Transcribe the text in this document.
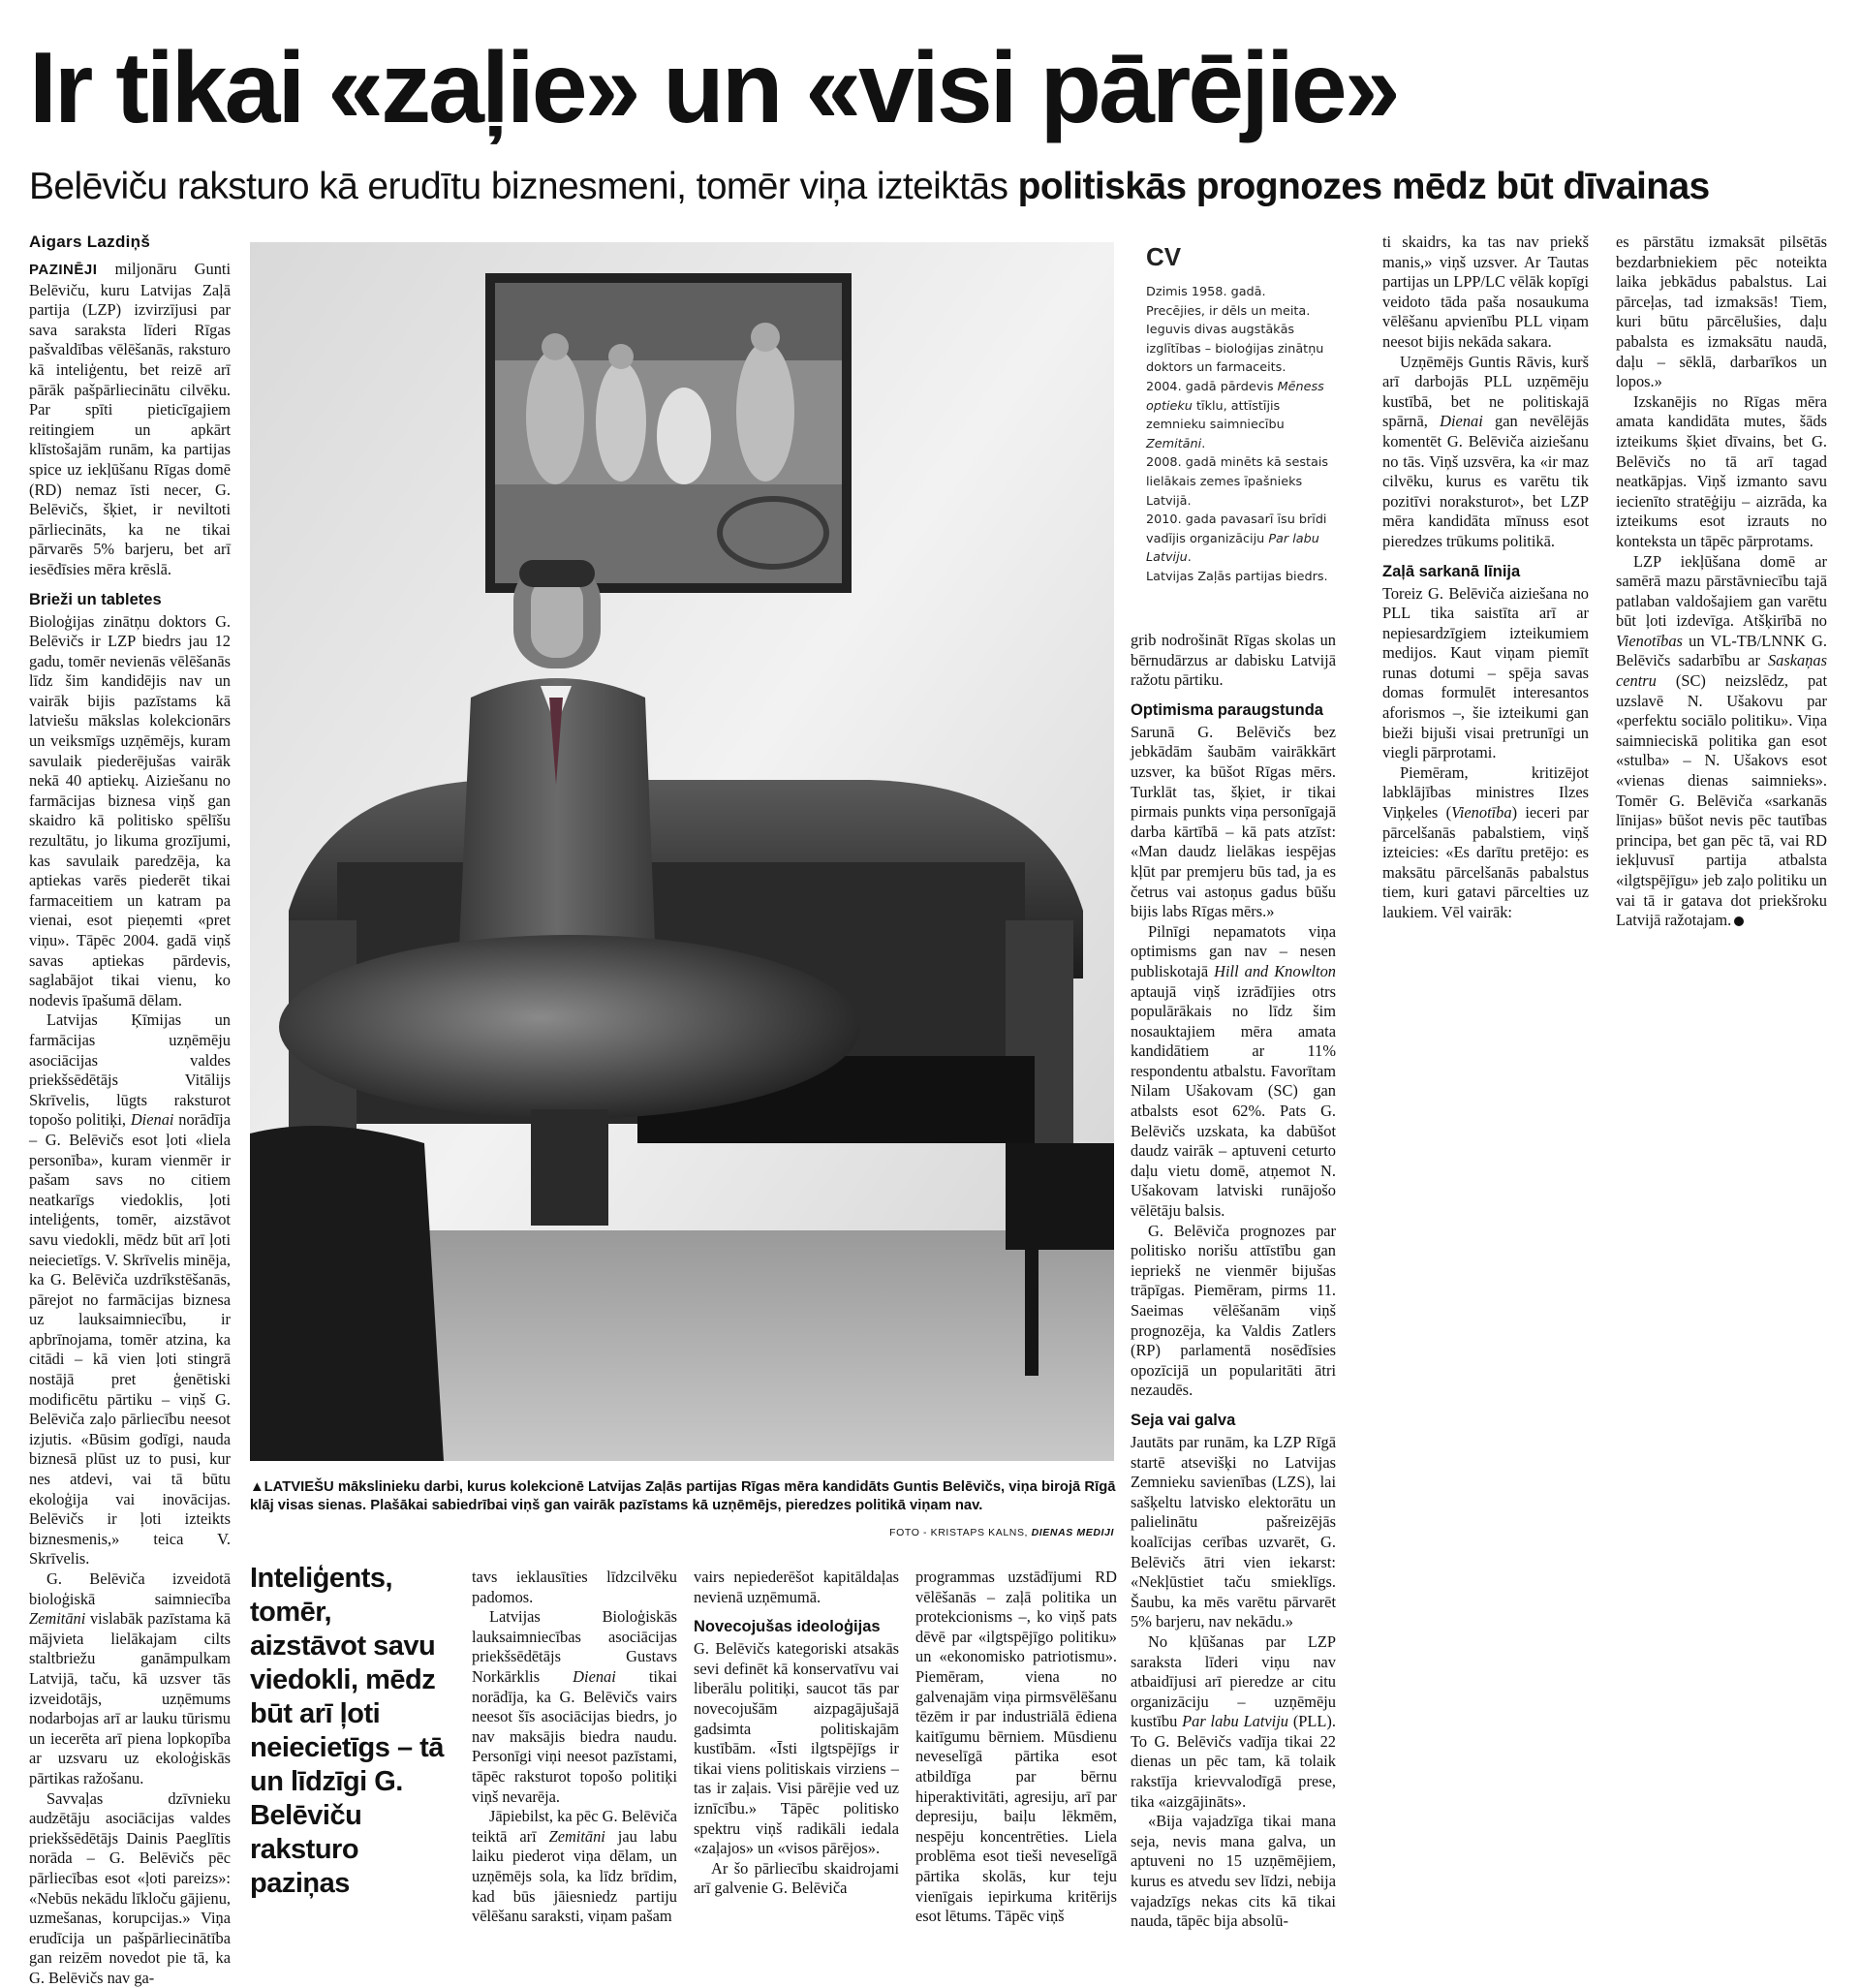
Ir tikai «zaļie» un «visi pārējie»
Belēviču raksturo kā erudītu biznesmeni, tomēr viņa izteiktās politiskās prognozes mēdz būt dīvainas
Aigars Lazdiņš

PAZINĒJI miljonāru Gunti Belēviču, kuru Latvijas Zaļā partija (LZP) izvirzījusi par sava saraksta līderi Rīgas pašvaldības vēlēšanās, raksturo kā inteliģentu, bet reizē arī pārāk pašpārliecinātu cilvēku. Par spīti pieticīgajiem reitingiem un apkārt klīstošajām runām, ka partijas spice uz iekļūšanu Rīgas domē (RD) nemaz īsti necer, G. Belēvičs, šķiet, ir neviltoti pārliecināts, ka ne tikai pārvarēs 5% barjeru, bet arī iesēdīsies mēra krēslā.

Brieži un tabletes

Bioloģijas zinātņu doktors G. Belēvičs ir LZP biedrs jau 12 gadu, tomēr nevienās vēlēšanās līdz šim kandidējis nav un vairāk bijis pazīstams kā latviešu mākslas kolekcionārs un veiksmīgs uzņēmējs, kuram savulaik piederējušas vairāk nekā 40 aptiekų. Aiziešanu no farmācijas biznesa viņš gan skaidro kā politisko spēlīšu rezultātu, jo likuma grozījumi, kas savulaik paredzēja, ka aptiekas varēs piederēt tikai farmaceitiem un katram pa vienai, esot pieņemti «pret viņu». Tāpēc 2004. gadā viņš savas aptiekas pārdevis, saglabājot tikai vienu, ko nodevis īpašumā dēlam.

Latvijas Ķīmijas un farmācijas uzņēmēju asociācijas valdes priekšsēdētājs Vitālijs Skrīvelis, lūgts raksturot topošo politiķi, Dienai norādīja – G. Belēvičs esot ļoti «liela personība», kuram vienmēr ir pašam savs no citiem neatkarīgs viedoklis, ļoti inteliģents, tomēr, aizstāvot savu viedokli, mēdz būt arī ļoti neiecietīgs. V. Skrīvelis minēja, ka G. Belēviča uzdrīkstēšanās, pārejot no farmācijas biznesa uz lauksaimniecību, ir apbrīnojama, tomēr atzina, ka citādi – kā vien ļoti stingrā nostājā pret ģenētiski modificētu pārtiku – viņš G. Belēviča zaļo pārliecību neesot izjutis. «Būsim godīgi, nauda biznesā plūst uz to pusi, kur nes atdevi, vai tā būtu ekoloģija vai inovācijas. Belēvičs ir ļoti izteikts biznesmenis,» teica V. Skrīvelis.

G. Belēviča izveidotā bioloģiskā saimniecība Zemitāni vislabāk pazīstama kā mājvieta lielākajam cilts staltbriežu ganāmpulkam Latvijā, taču, kā uzsver tās izveidotājs, uzņēmums nodarbojas arī ar lauku tūrismu un iecerēta arī piena lopkopība ar uzsvaru uz ekoloģiskās pārtikas ražošanu.

Savvaļas dzīvnieku audzētāju asociācijas valdes priekšsēdētājs Dainis Paeglītis norāda – G. Belēvičs pēc pārliecības esot «ļoti pareizs»: «Nebūs nekādu līkloču gājienu, uzmešanas, korupcijas.» Viņa erudīcija un pašpārliecinātība gan reizēm novedot pie tā, ka G. Belēvičs nav ga-

▲LATVIEŠU mākslinieku darbi, kurus kolekcionē Latvijas Zaļās partijas Rīgas mēra kandidāts Guntis Belēvičs, viņa birojā Rīgā klāj visas sienas. Plašākai sabiedrībai viņš gan vairāk pazīstams kā uzņēmējs, pieredzes politikā viņam nav.
FOTO - KRISTAPS KALNS, DIENAS MEDIJI
Inteliģents, tomēr, aizstāvot savu viedokli, mēdz būt arī ļoti neiecietīgs – tā un līdzīgi G. Belēviču raksturo paziņas

tavs ieklausīties līdzcilvēku padomos.

Latvijas Bioloģiskās lauksaimniecības asociācijas priekšsēdētājs Gustavs Norkārklis Dienai tikai norādīja, ka G. Belēvičs vairs neesot šīs asociācijas biedrs, jo nav maksājis biedra naudu. Personīgi viņi neesot pazīstami, tāpēc raksturot topošo politiķi viņš nevarēja.

Jāpiebilst, ka pēc G. Belēviča teiktā arī Zemitāni jau labu laiku piederot viņa dēlam, un uzņēmējs sola, ka līdz brīdim, kad būs jāiesniedz partiju vēlēšanu saraksti, viņam pašam

vairs nepiederēšot kapitāldaļas nevienā uzņēmumā.

Novecojušas ideoloģijas

G. Belēvičs kategoriski atsakās sevi definēt kā konservatīvu vai liberālu politiķi, saucot tās par novecojušām aizpagājušajā gadsimta politiskajām kustībām. «Īsti ilgtspējīgs ir tikai viens politiskais virziens – tas ir zaļais. Visi pārējie ved uz iznīcību.» Tāpēc politisko spektru viņš radikāli iedala «zaļajos» un «visos pārējos».

Ar šo pārliecību skaidrojami arī galvenie G. Belēviča

programmas uzstādījumi RD vēlēšanās – zaļā politika un protekcionisms –, ko viņš pats dēvē par «ilgtspējīgo politiku» un «ekonomisko patriotismu». Piemēram, viena no galvenajām viņa pirmsvēlēšanu tēzēm ir par industriālā ēdiena kaitīgumu bērniem. Mūsdienu neveselīgā pārtika esot atbildīga par bērnu hiperaktivitāti, agresiju, arī par depresiju, baiļu lēkmēm, nespēju koncentrēties. Liela problēma esot tieši neveselīgā pārtika skolās, kur teju vienīgais iepirkuma kritērijs esot lētums. Tāpēc viņš

CV

Dzimis 1958. gadā.

Precējies, ir dēls un meita.

Ieguvis divas augstākās izglītības – bioloģijas zinātņu doktors un farmaceits.

2004. gadā pārdevis Mēness optieku tīklu, attīstījis zemnieku saimniecību Zemitāni.

2008. gadā minēts kā sestais lielākais zemes īpašnieks Latvijā.

2010. gada pavasarī īsu brīdi vadījis organizāciju Par labu Latviju.

Latvijas Zaļās partijas biedrs.

grib nodrošināt Rīgas skolas un bērnudārzus ar dabisku Latvijā ražotu pārtiku.

Optimisma paraugstunda

Sarunā G. Belēvičs bez jebkādām šaubām vairākkārt uzsver, ka būšot Rīgas mērs. Turklāt tas, šķiet, ir tikai pirmais punkts viņa personīgajā darba kārtībā – kā pats atzīst: «Man daudz lielākas iespējas kļūt par premjeru būs tad, ja es četrus vai astoņus gadus būšu bijis labs Rīgas mērs.»

Pilnīgi nepamatots viņa optimisms gan nav – nesen publiskotajā Hill and Knowlton aptaujā viņš izrādījies otrs populārākais no līdz šim nosauktajiem mēra amata kandidātiem ar 11% respondentu atbalstu. Favorītam Nilam Ušakovam (SC) gan atbalsts esot 62%. Pats G. Belēvičs uzskata, ka dabūšot daudz vairāk – aptuveni ceturto daļu vietu domē, atņemot N. Ušakovam latviski runājošo vēlētāju balsis.

G. Belēviča prognozes par politisko norišu attīstību gan iepriekš ne vienmēr bijušas trāpīgas. Piemēram, pirms 11. Saeimas vēlēšanām viņš prognozēja, ka Valdis Zatlers (RP) parlamentā nosēdīsies opozīcijā un popularitāti ātri nezaudēs.

Seja vai galva

Jautāts par runām, ka LZP Rīgā startē atsevišķi no Latvijas Zemnieku savienības (LZS), lai sašķeltu latvisko elektorātu un palielinātu pašreizējās koalīcijas cerības uzvarēt, G. Belēvičs ātri vien iekarst: «Nekļūstiet taču smieklīgs. Šaubu, ka mēs varētu pārvarēt 5% barjeru, nav nekādu.»

No kļūšanas par LZP saraksta līderi viņu nav atbaidījusi arī pieredze ar citu organizāciju – uzņēmēju kustību Par labu Latviju (PLL). To G. Belēvičs vadīja tikai 22 dienas un pēc tam, kā tolaik rakstīja krievvalodīgā prese, tika «aizgājināts».

«Bija vajadzīga tikai mana seja, nevis mana galva, un aptuveni no 15 uzņēmējiem, kurus es atvedu sev līdzi, nebija vajadzīgs nekas cits kā tikai nauda, tāpēc bija absolū-

ti skaidrs, ka tas nav priekš manis,» viņš uzsver. Ar Tautas partijas un LPP/LC vēlāk kopīgi veidoto tāda paša nosaukuma vēlēšanu apvienību PLL viņam neesot bijis nekāda sakara.

Uzņēmējs Guntis Rāvis, kurš arī darbojās PLL uzņēmēju kustībā, bet ne politiskajā spārnā, Dienai gan nevēlējās komentēt G. Belēviča aiziešanu no tās. Viņš uzsvēra, ka «ir maz cilvēku, kurus es varētu tik pozitīvi noraksturot», bet LZP mēra kandidāta mīnuss esot pieredzes trūkums politikā.

Zaļā sarkanā līnija

Toreiz G. Belēviča aiziešana no PLL tika saistīta arī ar nepiesardzīgiem izteikumiem medijos. Kaut viņam piemīt runas dotumi – spēja savas domas formulēt interesantos aforismos –, šie izteikumi gan bieži bijuši visai pretrunīgi un viegli pārprotami.

Piemēram, kritizējot labklājības ministres Ilzes Viņķeles (Vienotība) ieceri par pārcelšanās pabalstiem, viņš izteicies: «Es darītu pretējo: es maksātu pārcelšanās pabalstus tiem, kuri gatavi pārcelties uz laukiem. Vēl vairāk:

es pārstātu izmaksāt pilsētās bezdarbniekiem pēc noteikta laika jebkādus pabalstus. Lai pārceļas, tad izmaksās! Tiem, kuri būtu pārcēlušies, daļu pabalsta es izmaksātu naudā, daļu – sēklā, darbarīkos un lopos.»

Izskanējis no Rīgas mēra amata kandidāta mutes, šāds izteikums šķiet dīvains, bet G. Belēvičs no tā arī tagad neatkāpjas. Viņš izmanto savu iecienīto stratēģiju – aizrāda, ka izteikums esot izrauts no konteksta un tāpēc pārprotams.

LZP iekļūšana domē ar samērā mazu pārstāvniecību tajā patlaban valdošajiem gan varētu būt ļoti izdevīga. Atšķirībā no Vienotības un VL-TB/LNNK G. Belēvičs sadarbību ar Saskaņas centru (SC) neizslēdz, pat uzslavē N. Ušakovu par «perfektu sociālo politiku». Viņa saimnieciskā politika gan esot «stulba» – N. Ušakovs esot «vienas dienas saimnieks». Tomēr G. Belēviča «sarkanās līnijas» būšot nevis pēc tautības principa, bet gan pēc tā, vai RD iekļuvusī partija atbalsta «ilgtspējīgu» jeb zaļo politiku un vai tā ir gatava dot priekšroku Latvijā ražotajam.
